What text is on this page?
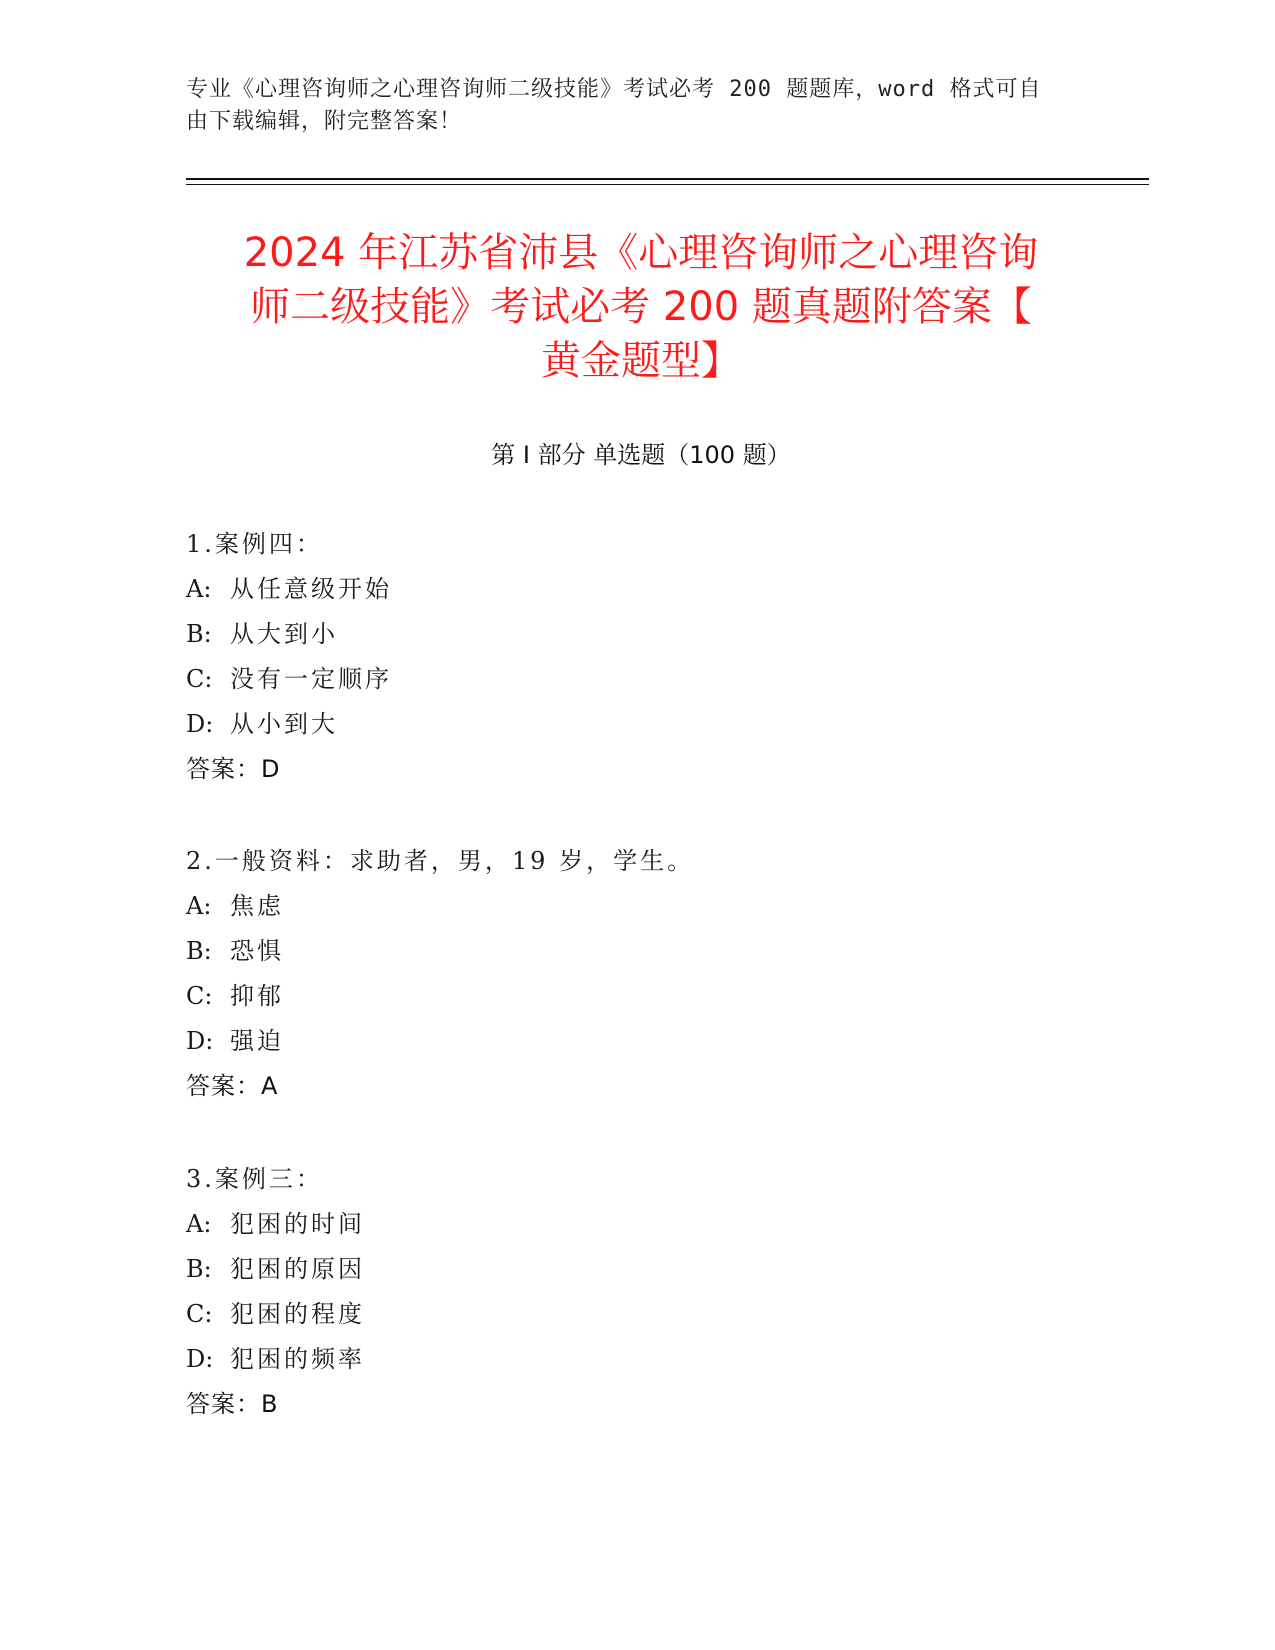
专业《心理咨询师之心理咨询师二级技能》考试必考 200 题题库，word 格式可自
由下载编辑，附完整答案！
2024 年江苏省沛县《心理咨询师之心理咨询
师二级技能》考试必考 200 题真题附答案【
黄金题型】
第 I 部分 单选题（100 题）
1.案例四：
A: 从任意级开始
B: 从大到小
C: 没有一定顺序
D: 从小到大
答案：D
2.一般资料：求助者，男，19 岁，学生。
A: 焦虑
B: 恐惧
C: 抑郁
D: 强迫
答案：A
3.案例三：
A: 犯困的时间
B: 犯困的原因
C: 犯困的程度
D: 犯困的频率
答案：B
